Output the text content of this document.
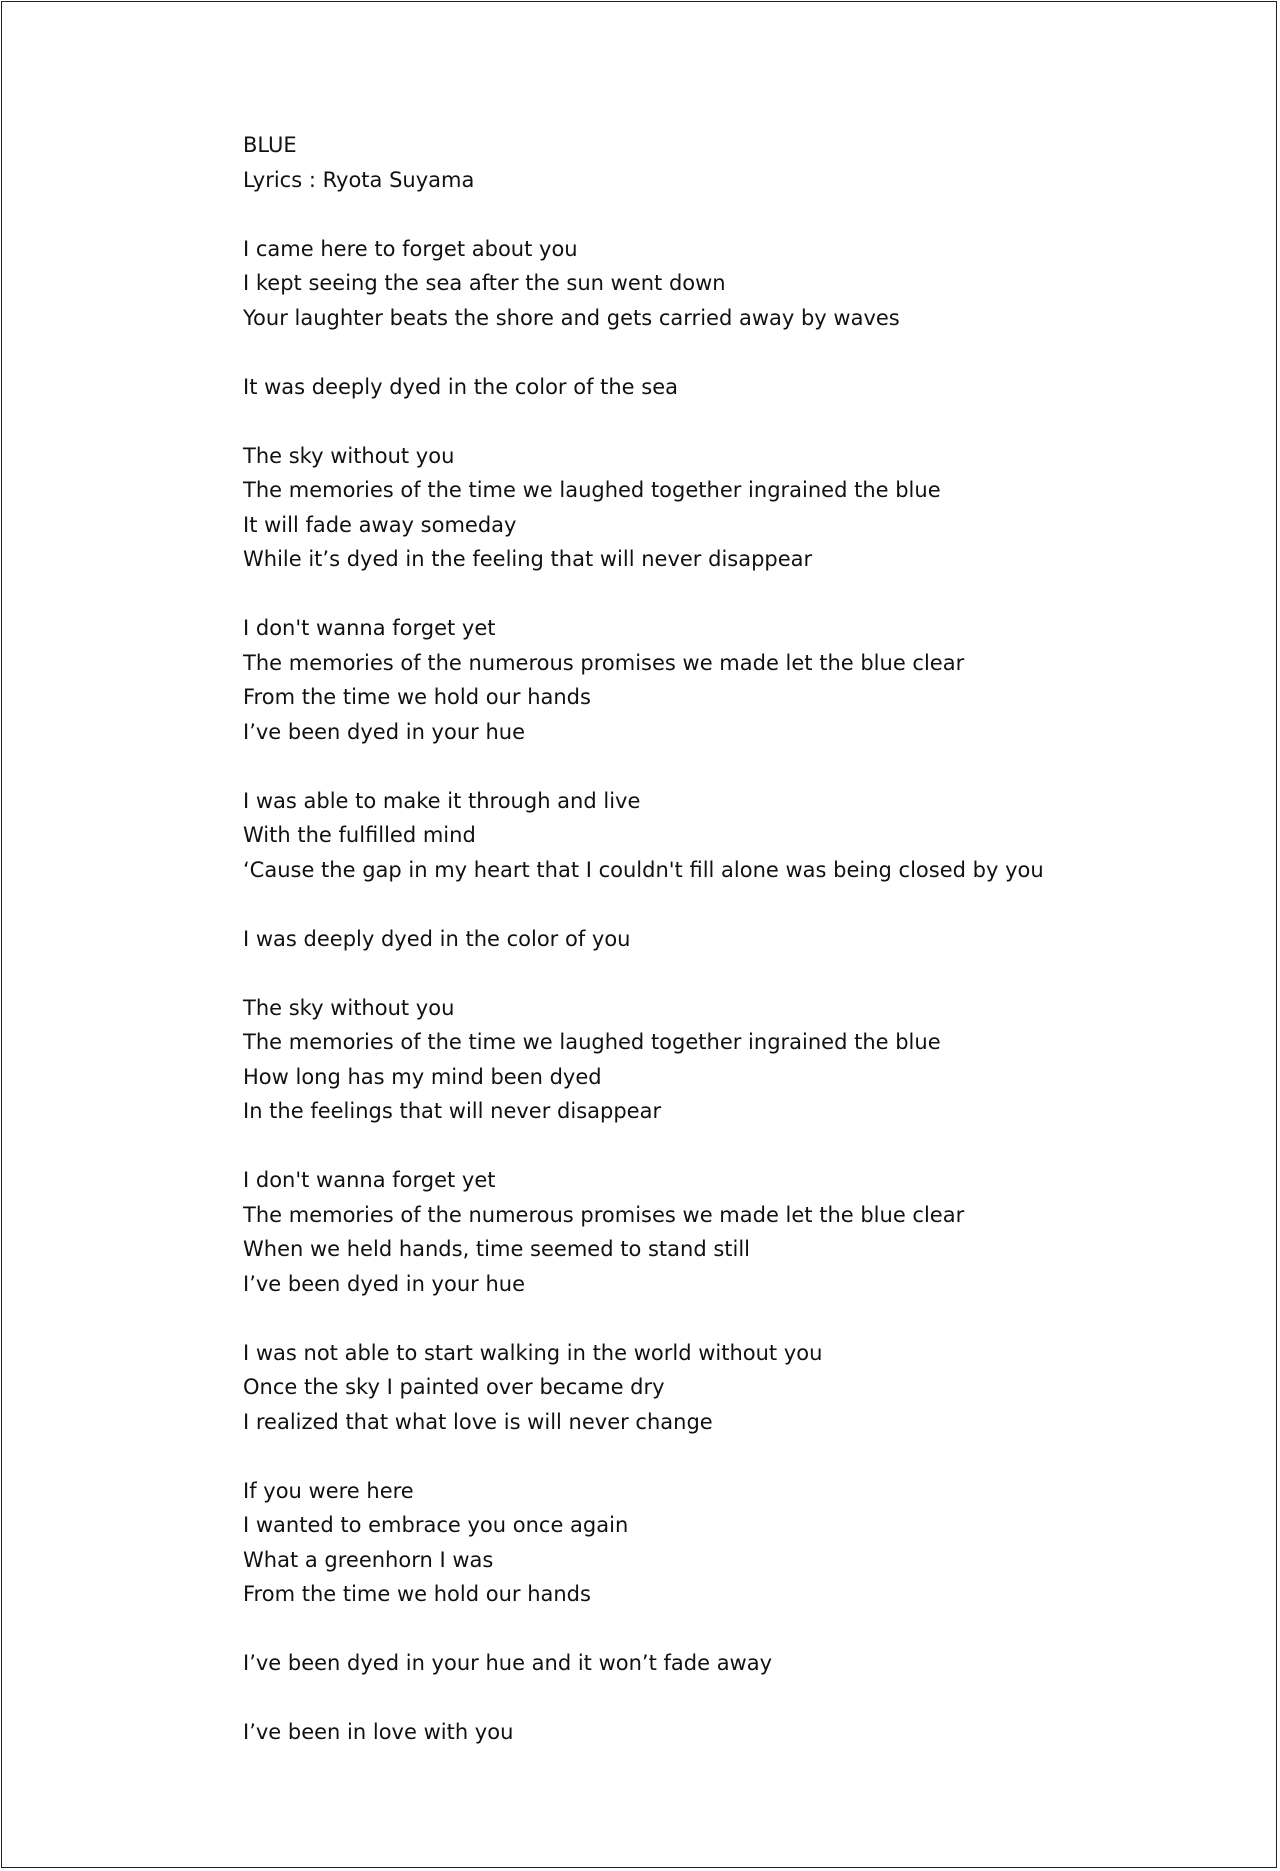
BLUE
Lyrics : Ryota Suyama
I came here to forget about you
I kept seeing the sea after the sun went down
Your laughter beats the shore and gets carried away by waves
It was deeply dyed in the color of the sea
The sky without you
The memories of the time we laughed together ingrained the blue
It will fade away someday
While it’s dyed in the feeling that will never disappear
I don't wanna forget yet
The memories of the numerous promises we made let the blue clear
From the time we hold our hands
I’ve been dyed in your hue
I was able to make it through and live
With the fulfilled mind
‘Cause the gap in my heart that I couldn't fill alone was being closed by you
I was deeply dyed in the color of you
The sky without you
The memories of the time we laughed together ingrained the blue
How long has my mind been dyed
In the feelings that will never disappear
I don't wanna forget yet
The memories of the numerous promises we made let the blue clear
When we held hands, time seemed to stand still
I’ve been dyed in your hue
I was not able to start walking in the world without you
Once the sky I painted over became dry
I realized that what love is will never change
If you were here
I wanted to embrace you once again
What a greenhorn I was
From the time we hold our hands
I’ve been dyed in your hue and it won’t fade away
I’ve been in love with you
